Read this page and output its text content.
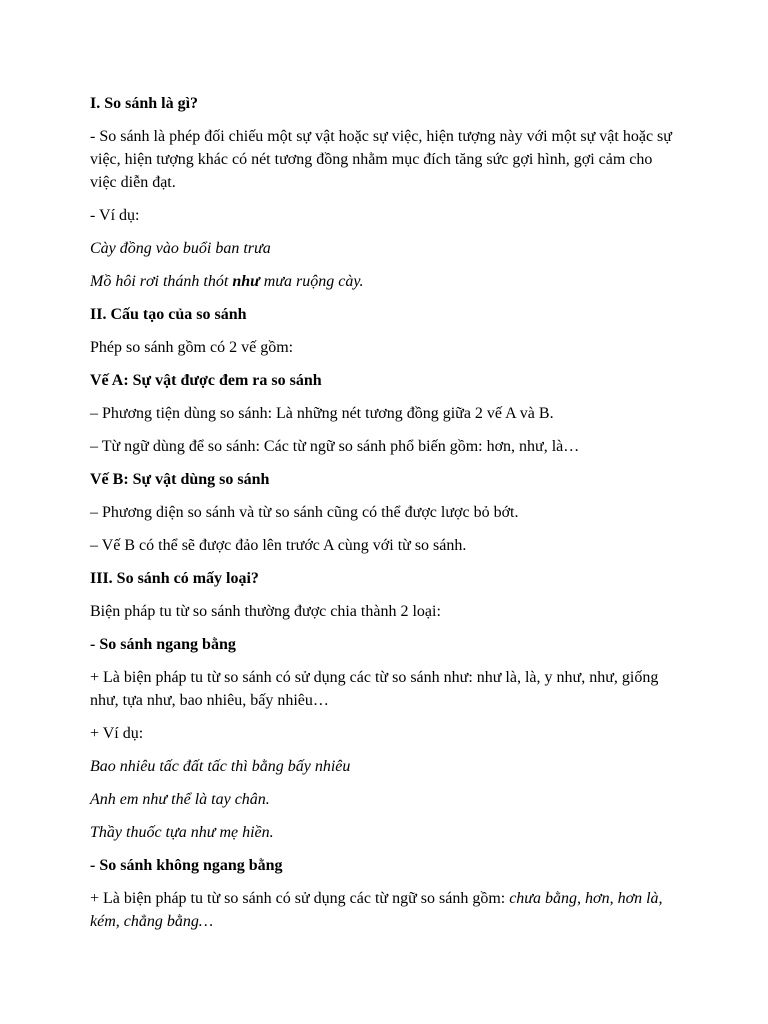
I. So sánh là gì?

- So sánh là phép đối chiếu một sự vật hoặc sự việc, hiện tượng này với một sự vật hoặc sự việc, hiện tượng khác có nét tương đồng nhằm mục đích tăng sức gợi hình, gợi cảm cho việc diễn đạt.

- Ví dụ:

Cày đồng vào buổi ban trưa

Mồ hôi rơi thánh thót như mưa ruộng cày.

II. Cấu tạo của so sánh

Phép so sánh gồm có 2 vế gồm:

Vế A: Sự vật được đem ra so sánh

– Phương tiện dùng so sánh: Là những nét tương đồng giữa 2 vế A và B.

– Từ ngữ dùng để so sánh: Các từ ngữ so sánh phổ biến gồm: hơn, như, là…

Vế B: Sự vật dùng so sánh

– Phương diện so sánh và từ so sánh cũng có thể được lược bỏ bớt.

– Vế B có thể sẽ được đảo lên trước A cùng với từ so sánh.

III. So sánh có mấy loại?

Biện pháp tu từ so sánh thường được chia thành 2 loại:

- So sánh ngang bằng

+ Là biện pháp tu từ so sánh có sử dụng các từ so sánh như: như là, là, y như, như, giống như, tựa như, bao nhiêu, bấy nhiêu…

+ Ví dụ:

Bao nhiêu tấc đất tấc thì bằng bấy nhiêu

Anh em như thể là tay chân.

Thầy thuốc tựa như mẹ hiền.

- So sánh không ngang bằng

+ Là biện pháp tu từ so sánh có sử dụng các từ ngữ so sánh gồm: chưa bằng, hơn, hơn là, kém, chẳng bằng…
